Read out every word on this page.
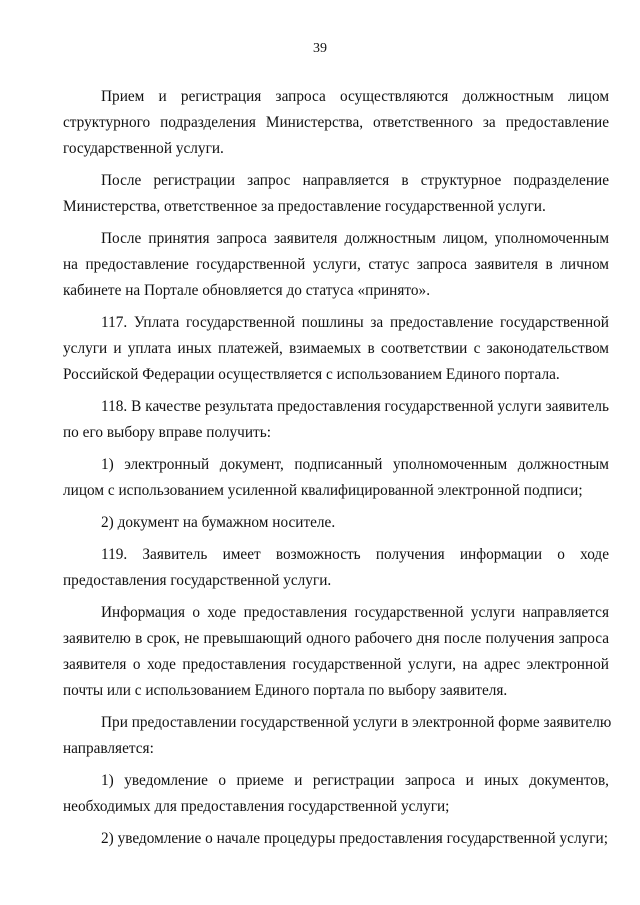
39

Прием и регистрация запроса осуществляются должностным лицом
структурного подразделения Министерства, ответственного за предоставление
государственной услуги.

После регистрации запрос направляется в структурное подразделение
Министерства, ответственное за предоставление государственной услуги.

После принятия запроса заявителя должностным лицом, уполномоченным
на предоставление государственной услуги, статус запроса заявителя в личном
кабинете на Портале обновляется до статуса «принято».

117. Уплата государственной пошлины за предоставление государственной
услуги и уплата иных платежей, взимаемых в соответствии с законодательством
Российской Федерации осуществляется с использованием Единого портала.

118. В качестве результата предоставления государственной услуги заявитель
по его выбору вправе получить:

1) электронный документ, подписанный уполномоченным должностным
лицом с использованием усиленной квалифицированной электронной подписи;

2) документ на бумажном носителе.

119. Заявитель имеет возможность получения информации о ходе
предоставления государственной услуги.

Информация о ходе предоставления государственной услуги направляется
заявителю в срок, не превышающий одного рабочего дня после получения запроса
заявителя о ходе предоставления государственной услуги, на адрес электронной
почты или с использованием Единого портала по выбору заявителя.

При предоставлении государственной услуги в электронной форме заявителю
направляется:

1) уведомление о приеме и регистрации запроса и иных документов,
необходимых для предоставления государственной услуги;

2) уведомление о начале процедуры предоставления государственной услуги;
